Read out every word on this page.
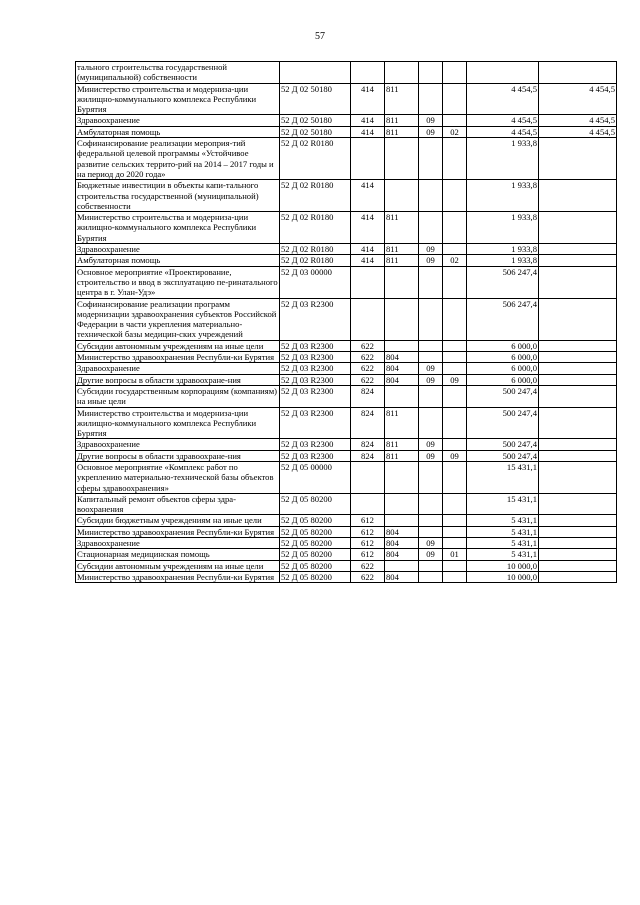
57
тального строительства государственной (муниципальной) собственности							
Министерство строительства и модерниза-ции жилищно-коммунального комплекса Республики Бурятия	52 Д 02 50180	414	811			4 454,5	4 454,5
Здравоохранение	52 Д 02 50180	414	811	09		4 454,5	4 454,5
Амбулаторная помощь	52 Д 02 50180	414	811	09	02	4 454,5	4 454,5
Софинансирование реализации мероприя-тий федеральной целевой программы «Устойчивое развитие сельских террито-рий на 2014 – 2017 годы и на период до 2020 года»	52 Д 02 R0180					1 933,8	
Бюджетные инвестиции в объекты капи-тального строительства государственной (муниципальной) собственности	52 Д 02 R0180	414				1 933,8	
Министерство строительства и модерниза-ции жилищно-коммунального комплекса Республики Бурятия	52 Д 02 R0180	414	811			1 933,8	
Здравоохранение	52 Д 02 R0180	414	811	09		1 933,8	
Амбулаторная помощь	52 Д 02 R0180	414	811	09	02	1 933,8	
Основное мероприятие «Проектирование, строительство и ввод в эксплуатацию пе-ринатального центра в г. Улан-Удэ»	52 Д 03 00000					506 247,4	
Софинансирование реализации программ модернизации здравоохранения субъектов Российской Федерации в части укрепления материально-технической базы медицин-ских учреждений	52 Д 03 R2300					506 247,4	
Субсидии автономным учреждениям на иные цели	52 Д 03 R2300	622				6 000,0	
Министерство здравоохранения Республи-ки Бурятия	52 Д 03 R2300	622	804			6 000,0	
Здравоохранение	52 Д 03 R2300	622	804	09		6 000,0	
Другие вопросы в области здравоохране-ния	52 Д 03 R2300	622	804	09	09	6 000,0	
Субсидии государственным корпорациям (компаниям) на иные цели	52 Д 03 R2300	824				500 247,4	
Министерство строительства и модерниза-ции жилищно-коммунального комплекса Республики Бурятия	52 Д 03 R2300	824	811			500 247,4	
Здравоохранение	52 Д 03 R2300	824	811	09		500 247,4	
Другие вопросы в области здравоохране-ния	52 Д 03 R2300	824	811	09	09	500 247,4	
Основное мероприятие «Комплекс работ по укреплению материально-технической базы объектов сферы здравоохранения»	52 Д 05 00000					15 431,1	
Капитальный ремонт объектов сферы здра-воохранения	52 Д 05 80200					15 431,1	
Субсидии бюджетным учреждениям на иные цели	52 Д 05 80200	612				5 431,1	
Министерство здравоохранения Республи-ки Бурятия	52 Д 05 80200	612	804			5 431,1	
Здравоохранение	52 Д 05 80200	612	804	09		5 431,1	
Стационарная медицинская помощь	52 Д 05 80200	612	804	09	01	5 431,1	
Субсидии автономным учреждениям на иные цели	52 Д 05 80200	622				10 000,0	
Министерство здравоохранения Республи-ки Бурятия	52 Д 05 80200	622	804			10 000,0	
